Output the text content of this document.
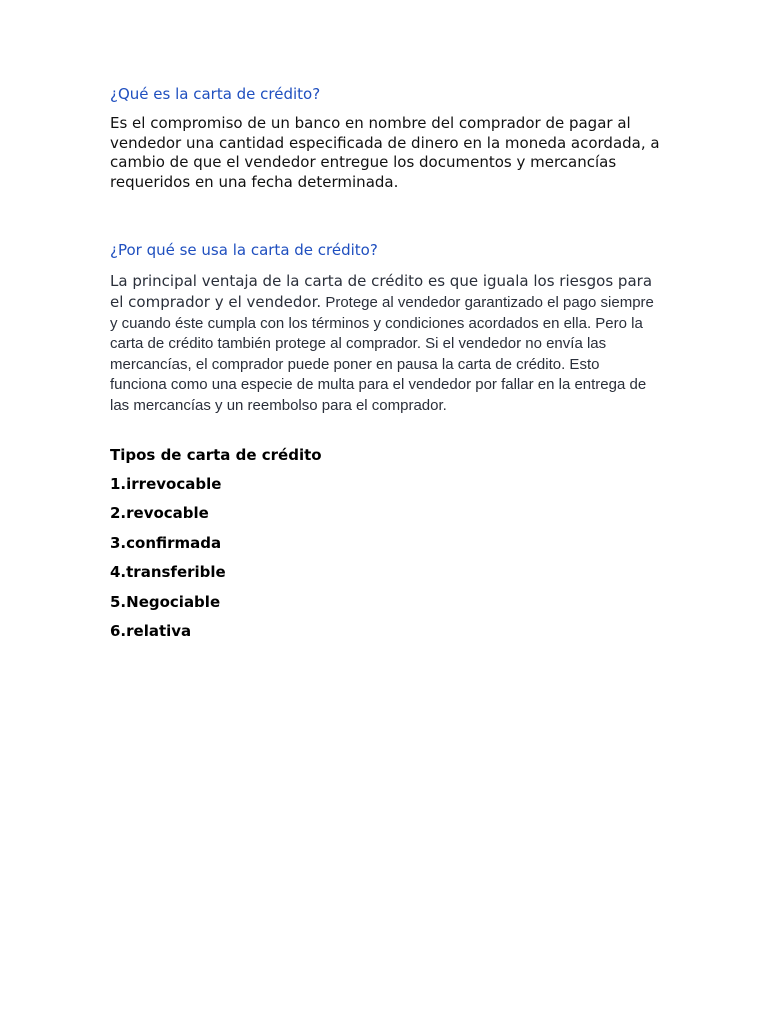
¿Qué es la carta de crédito?

Es el compromiso de un banco en nombre del comprador de pagar al vendedor una cantidad especificada de dinero en la moneda acordada, a cambio de que el vendedor entregue los documentos y mercancías requeridos en una fecha determinada.

¿Por qué se usa la carta de crédito?

La principal ventaja de la carta de crédito es que iguala los riesgos para el comprador y el vendedor. Protege al vendedor garantizado el pago siempre y cuando éste cumpla con los términos y condiciones acordados en ella. Pero la carta de crédito también protege al comprador. Si el vendedor no envía las mercancías, el comprador puede poner en pausa la carta de crédito. Esto funciona como una especie de multa para el vendedor por fallar en la entrega de las mercancías y un reembolso para el comprador.

Tipos de carta de crédito

1.irrevocable
2.revocable
3.confirmada
4.transferible
5.Negociable
6.relativa
